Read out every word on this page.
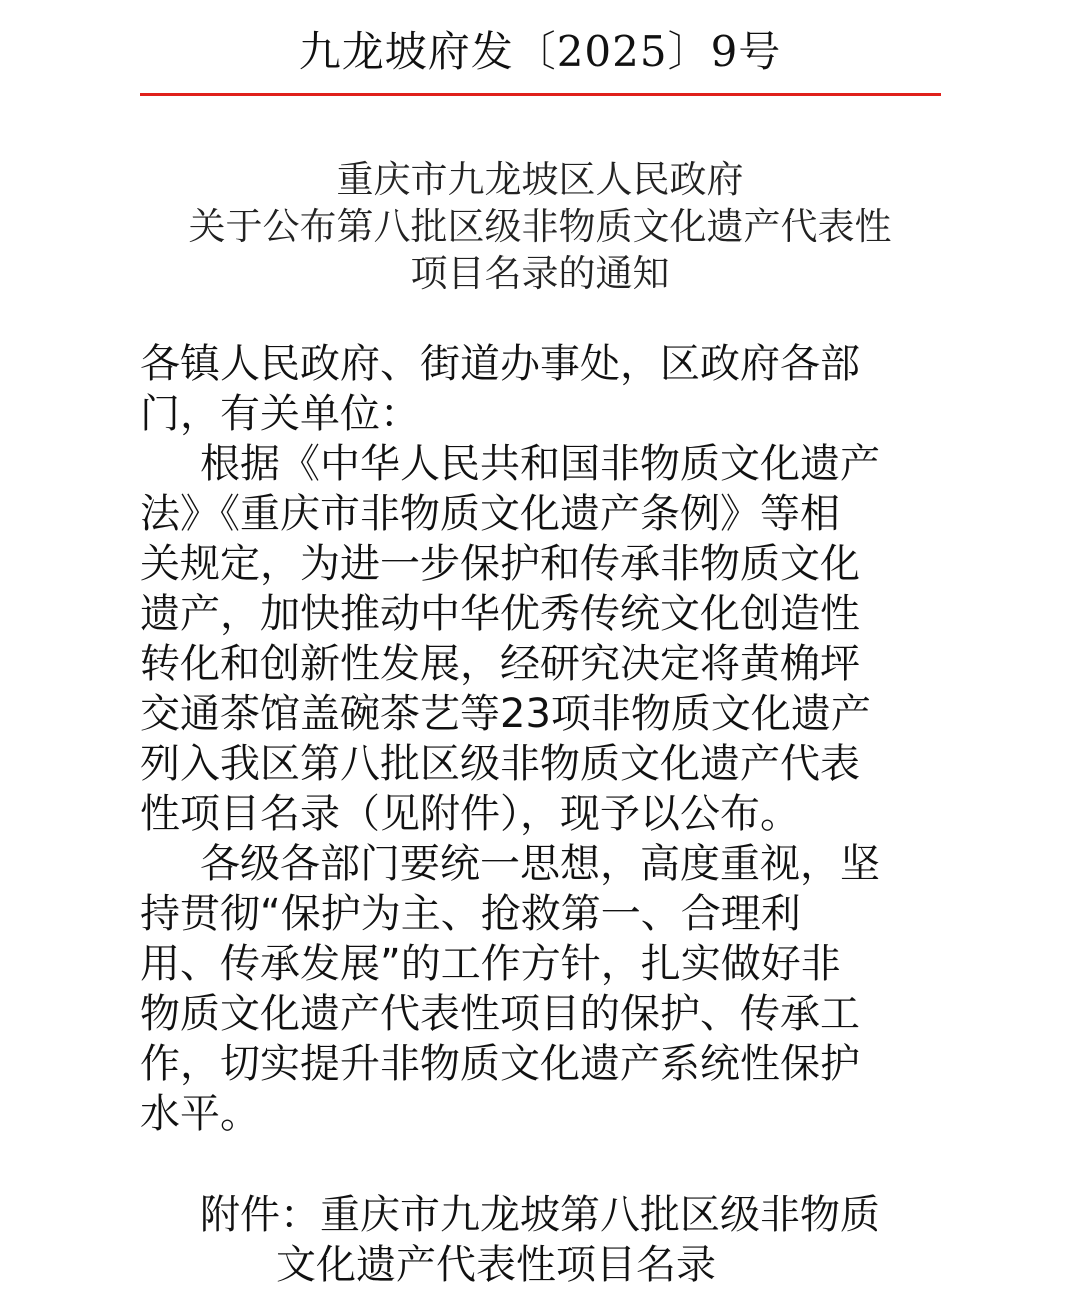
九龙坡府发〔2025〕9号
重庆市九龙坡区人民政府
关于公布第八批区级非物质文化遗产代表性
项目名录的通知
各镇人民政府、街道办事处，区政府各部
门，有关单位：
根据《中华人民共和国非物质文化遗产
法》《重庆市非物质文化遗产条例》等相
关规定，为进一步保护和传承非物质文化
遗产，加快推动中华优秀传统文化创造性
转化和创新性发展，经研究决定将黄桷坪
交通茶馆盖碗茶艺等23项非物质文化遗产
列入我区第八批区级非物质文化遗产代表
性项目名录（见附件），现予以公布。
各级各部门要统一思想，高度重视，坚
持贯彻“保护为主、抢救第一、合理利
用、传承发展”的工作方针，扎实做好非
物质文化遗产代表性项目的保护、传承工
作，切实提升非物质文化遗产系统性保护
水平。
附件：重庆市九龙坡第八批区级非物质
文化遗产代表性项目名录
